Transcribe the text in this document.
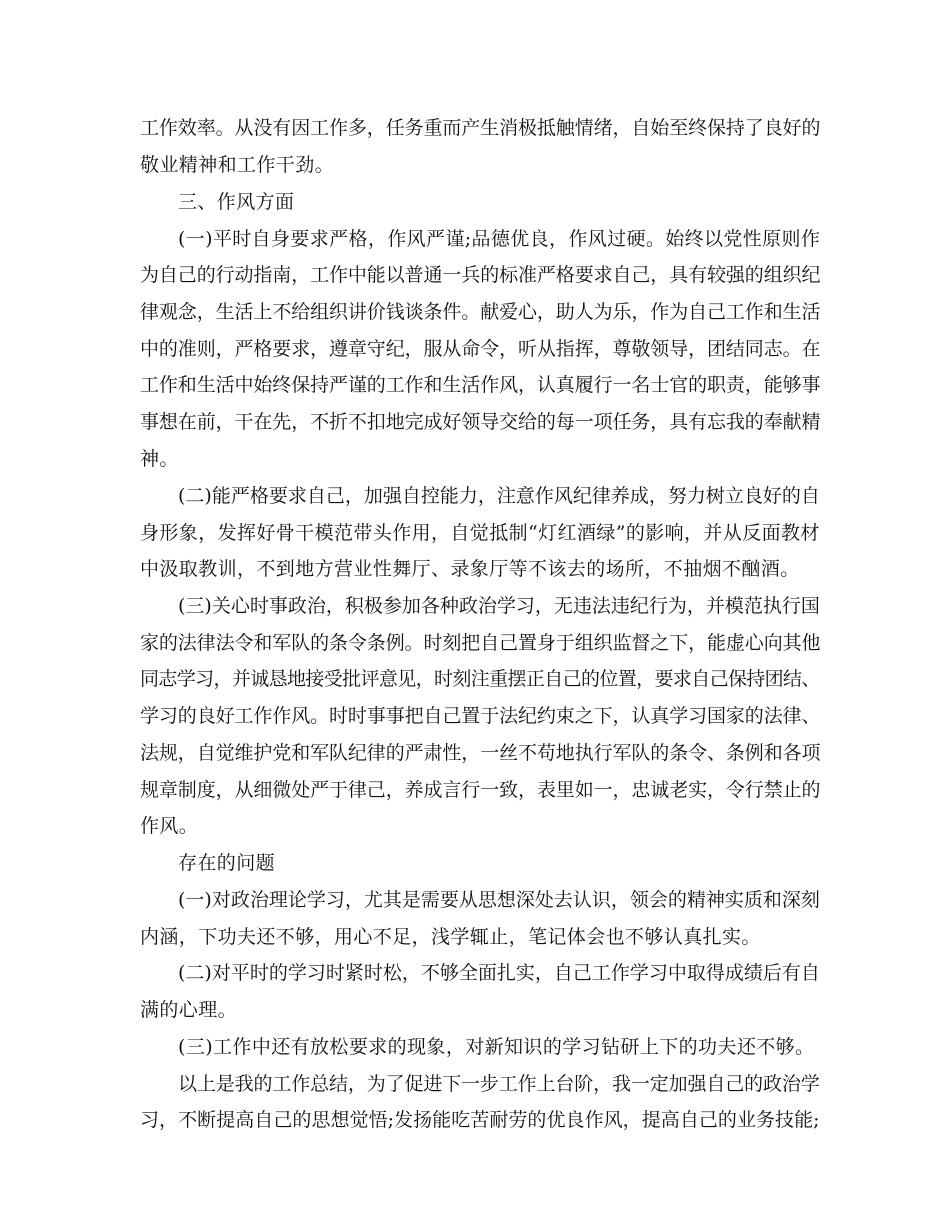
工作效率。从没有因工作多，任务重而产生消极抵触情绪，自始至终保持了良好的
敬业精神和工作干劲。
三、作风方面
(一)平时自身要求严格，作风严谨;品德优良，作风过硬。始终以党性原则作
为自己的行动指南，工作中能以普通一兵的标准严格要求自己，具有较强的组织纪
律观念，生活上不给组织讲价钱谈条件。献爱心，助人为乐，作为自己工作和生活
中的准则，严格要求，遵章守纪，服从命令，听从指挥，尊敬领导，团结同志。在
工作和生活中始终保持严谨的工作和生活作风，认真履行一名士官的职责，能够事
事想在前，干在先，不折不扣地完成好领导交给的每一项任务，具有忘我的奉献精
神。
(二)能严格要求自己，加强自控能力，注意作风纪律养成，努力树立良好的自
身形象，发挥好骨干模范带头作用，自觉抵制“灯红酒绿”的影响，并从反面教材
中汲取教训，不到地方营业性舞厅、录象厅等不该去的场所，不抽烟不酗酒。
(三)关心时事政治，积极参加各种政治学习，无违法违纪行为，并模范执行国
家的法律法令和军队的条令条例。时刻把自己置身于组织监督之下，能虚心向其他
同志学习，并诚恳地接受批评意见，时刻注重摆正自己的位置，要求自己保持团结、
学习的良好工作作风。时时事事把自己置于法纪约束之下，认真学习国家的法律、
法规，自觉维护党和军队纪律的严肃性，一丝不苟地执行军队的条令、条例和各项
规章制度，从细微处严于律己，养成言行一致，表里如一，忠诚老实，令行禁止的
作风。
存在的问题
(一)对政治理论学习，尤其是需要从思想深处去认识，领会的精神实质和深刻
内涵，下功夫还不够，用心不足，浅学辄止，笔记体会也不够认真扎实。
(二)对平时的学习时紧时松，不够全面扎实，自己工作学习中取得成绩后有自
满的心理。
(三)工作中还有放松要求的现象，对新知识的学习钻研上下的功夫还不够。
以上是我的工作总结，为了促进下一步工作上台阶，我一定加强自己的政治学
习，不断提高自己的思想觉悟;发扬能吃苦耐劳的优良作风，提高自己的业务技能;
